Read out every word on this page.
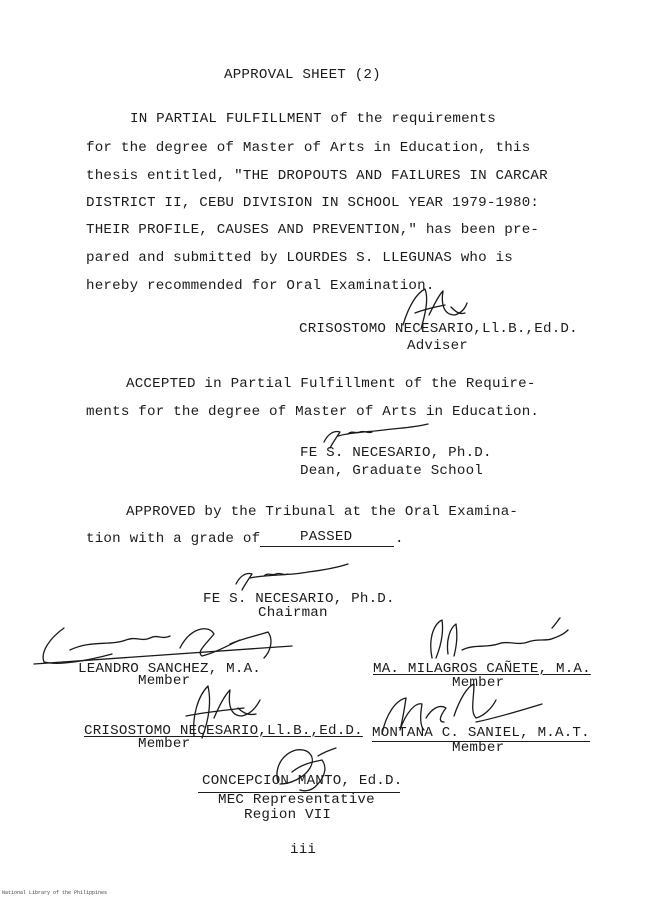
APPROVAL SHEET (2)
IN PARTIAL FULFILLMENT of the requirements
for the degree of Master of Arts in Education, this
thesis entitled, "THE DROPOUTS AND FAILURES IN CARCAR
DISTRICT II, CEBU DIVISION IN SCHOOL YEAR 1979-1980:
THEIR PROFILE, CAUSES AND PREVENTION," has been pre-
pared and submitted by LOURDES S. LLEGUNAS who is
hereby recommended for Oral Examination.
CRISOSTOMO NECESARIO,Ll.B.,Ed.D.
Adviser
ACCEPTED in Partial Fulfillment of the Require-
ments for the degree of Master of Arts in Education.
FE S. NECESARIO, Ph.D.
Dean, Graduate School
APPROVED by the Tribunal at the Oral Examina-
tion with a grade of	PASSED	.
FE S. NECESARIO, Ph.D.
Chairman
LEANDRO SANCHEZ, M.A.
Member
MA. MILAGROS CAÑETE, M.A.
Member
CRISOSTOMO NECESARIO,Ll.B.,Ed.D.
Member
MONTANA C. SANIEL, M.A.T.
Member
CONCEPCION MANTO, Ed.D.
MEC Representative
Region VII
iii
National Library of the Philippines
